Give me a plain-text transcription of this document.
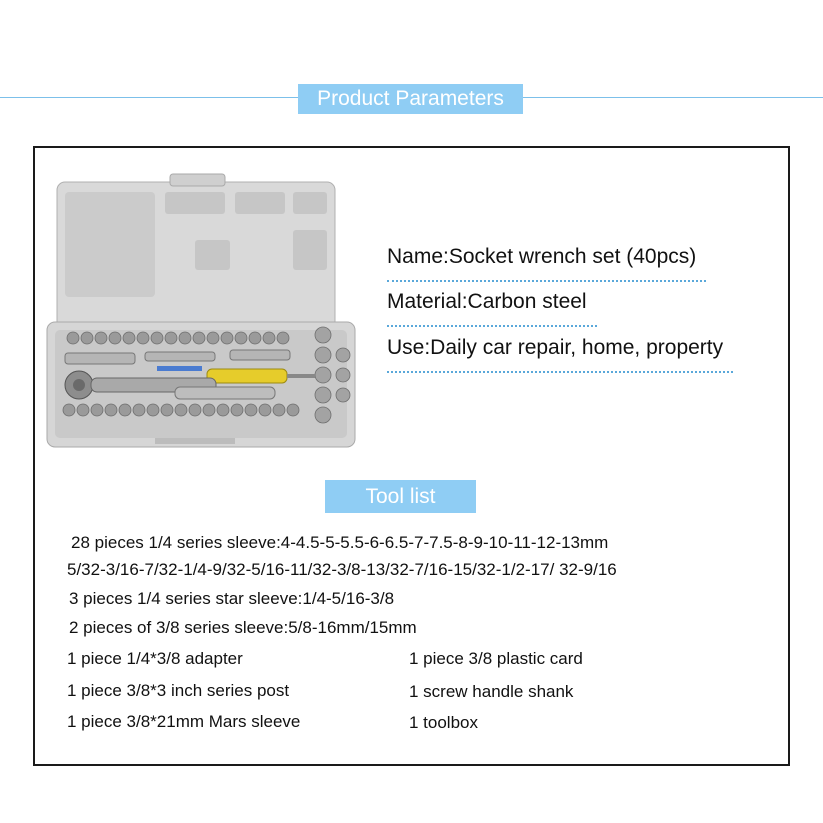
Product Parameters
Name:Socket wrench set (40pcs)
Material:Carbon steel
Use:Daily car repair, home, property
Tool list
28 pieces 1/4 series sleeve:4-4.5-5-5.5-6-6.5-7-7.5-8-9-10-11-12-13mm
5/32-3/16-7/32-1/4-9/32-5/16-11/32-3/8-13/32-7/16-15/32-1/2-17/ 32-9/16
3 pieces 1/4 series star sleeve:1/4-5/16-3/8
2 pieces of 3/8 series sleeve:5/8-16mm/15mm
1 piece 1/4*3/8 adapter
1 piece 3/8*3 inch series post
1 piece 3/8*21mm Mars sleeve
1 piece 3/8 plastic card
1 screw handle shank
1 toolbox
